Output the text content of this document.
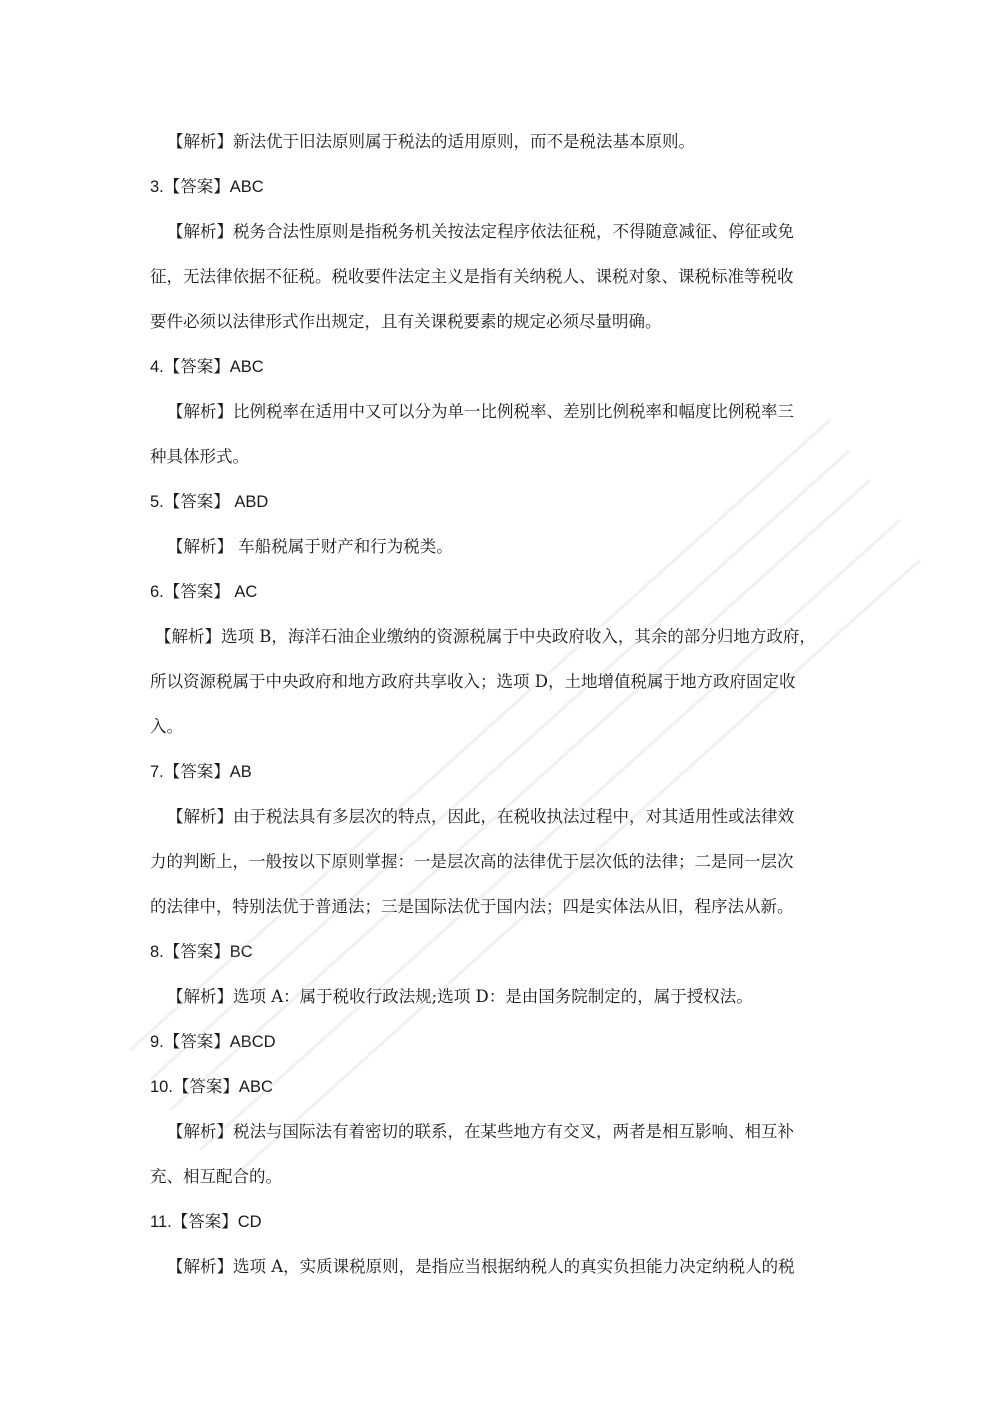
【解析】新法优于旧法原则属于税法的适用原则，而不是税法基本原则。
3.【答案】ABC
【解析】税务合法性原则是指税务机关按法定程序依法征税，不得随意减征、停征或免
征，无法律依据不征税。税收要件法定主义是指有关纳税人、课税对象、课税标准等税收
要件必须以法律形式作出规定，且有关课税要素的规定必须尽量明确。
4.【答案】ABC
【解析】比例税率在适用中又可以分为单一比例税率、差别比例税率和幅度比例税率三
种具体形式。
5.【答案】 ABD
【解析】 车船税属于财产和行为税类。
6.【答案】 AC
【解析】选项 B，海洋石油企业缴纳的资源税属于中央政府收入，其余的部分归地方政府，
所以资源税属于中央政府和地方政府共享收入；选项 D，土地增值税属于地方政府固定收
入。
7.【答案】AB
【解析】由于税法具有多层次的特点，因此，在税收执法过程中，对其适用性或法律效
力的判断上，一般按以下原则掌握：一是层次高的法律优于层次低的法律；二是同一层次
的法律中，特别法优于普通法；三是国际法优于国内法；四是实体法从旧，程序法从新。
8.【答案】BC
【解析】选项 A：属于税收行政法规;选项 D：是由国务院制定的，属于授权法。
9.【答案】ABCD
10.【答案】ABC
【解析】税法与国际法有着密切的联系，在某些地方有交叉，两者是相互影响、相互补
充、相互配合的。
11.【答案】CD
【解析】选项 A，实质课税原则，是指应当根据纳税人的真实负担能力决定纳税人的税
